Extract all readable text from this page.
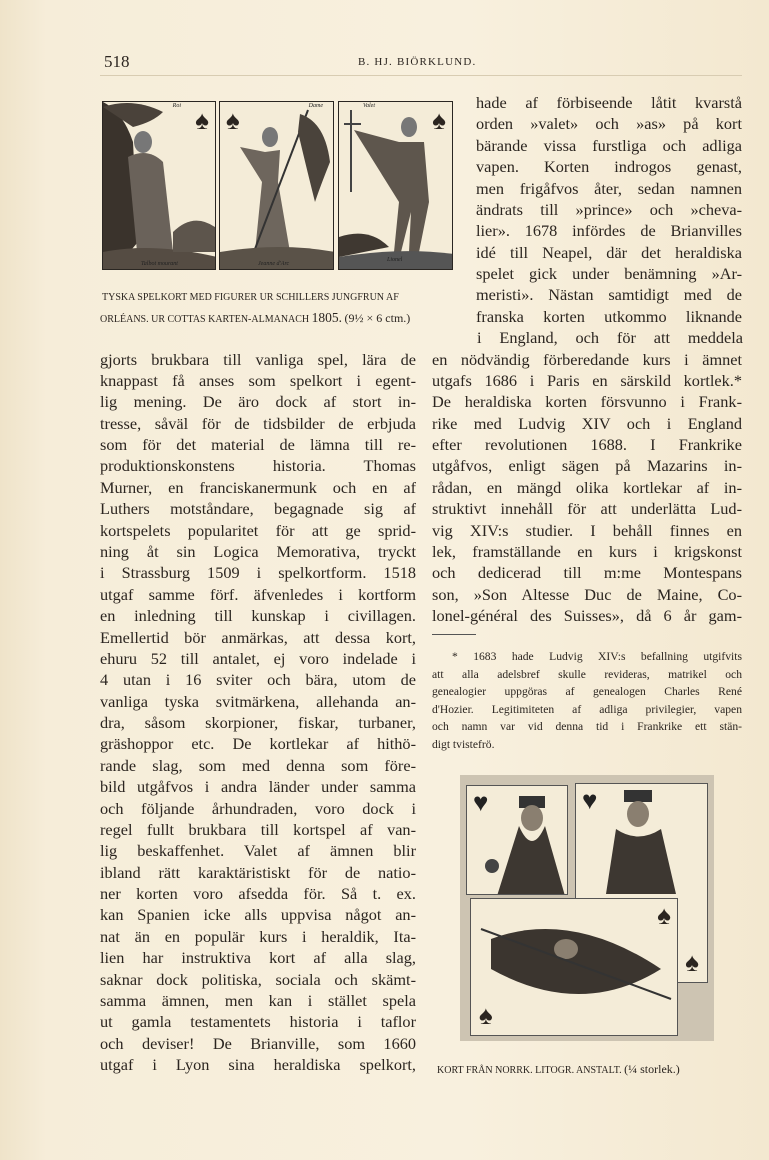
518	B. HJ. BIÖRKLUND.
♠
Roi
Talbot mourant
♠	Dame
Jeanne d'Arc
♠
Valet
Lionel
TYSKA SPELKORT MED FIGURER UR SCHILLERS JUNGFRUN AF
ORLÉANS. UR COTTAS KARTEN-ALMANACH 1805. (9½ × 6 ctm.)
hade af förbiseende låtit kvarstå
orden »valet» och »as» på kort
bärande vissa furstliga och adliga
vapen. Korten indrogos genast,
men frigåfvos åter, sedan namnen
ändrats till »prince» och »cheva-
lier». 1678 infördes de Brianvilles
idé till Neapel, där det heraldiska
spelet gick under benämning »Ar-
meristi». Nästan samtidigt med de
franska korten utkommo liknande
i England, och för att meddela
en nödvändig förberedande kurs i ämnet
utgafs 1686 i Paris en särskild kortlek.*
De heraldiska korten försvunno i Frank-
rike med Ludvig XIV och i England
efter revolutionen 1688. I Frankrike
utgåfvos, enligt sägen på Mazarins in-
rådan, en mängd olika kortlekar af in-
struktivt innehåll för att underlätta Lud-
vig XIV:s studier. I behåll finnes en
lek, framställande en kurs i krigskonst
och dedicerad till m:me Montespans
son, »Son Altesse Duc de Maine, Co-
lonel-général des Suisses», då 6 år gam-
gjorts brukbara till vanliga spel, lära de
knappast få anses som spelkort i egent-
lig mening. De äro dock af stort in-
tresse, såväl för de tidsbilder de erbjuda
som för det material de lämna till re-
produktionskonstens historia. Thomas
Murner, en franciskanermunk och en af
Luthers motståndare, begagnade sig af
kortspelets popularitet för att ge sprid-
ning åt sin Logica Memorativa, tryckt
i Strassburg 1509 i spelkortform. 1518
utgaf samme förf. äfvenledes i kortform
en inledning till kunskap i civillagen.
Emellertid bör anmärkas, att dessa kort,
ehuru 52 till antalet, ej voro indelade i
4 utan i 16 sviter och bära, utom de
vanliga tyska svitmärkena, allehanda an-
dra, såsom skorpioner, fiskar, turbaner,
gräshoppor etc. De kortlekar af hithö-
rande slag, som med denna som före-
bild utgåfvos i andra länder under samma
och följande århundraden, voro dock i
regel fullt brukbara till kortspel af van-
lig beskaffenhet. Valet af ämnen blir
ibland rätt karaktäristiskt för de natio-
ner korten voro afsedda för. Så t. ex.
kan Spanien icke alls uppvisa något an-
nat än en populär kurs i heraldik, Ita-
lien har instruktiva kort af alla slag,
saknar dock politiska, sociala och skämt-
samma ämnen, men kan i stället spela
ut gamla testamentets historia i taflor
och deviser! De Brianville, som 1660
utgaf i Lyon sina heraldiska spelkort,
* 1683 hade Ludvig XIV:s befallning utgifvits
att alla adelsbref skulle revideras, matrikel och
genealogier uppgöras af genealogen Charles René
d'Hozier. Legitimiteten af adliga privilegier, vapen
och namn var vid denna tid i Frankrike ett stän-
digt tvistefrö.
♥	♥
♠
♠
♠
KORT FRÅN NORRK. LITOGR. ANSTALT. (¼ storlek.)
